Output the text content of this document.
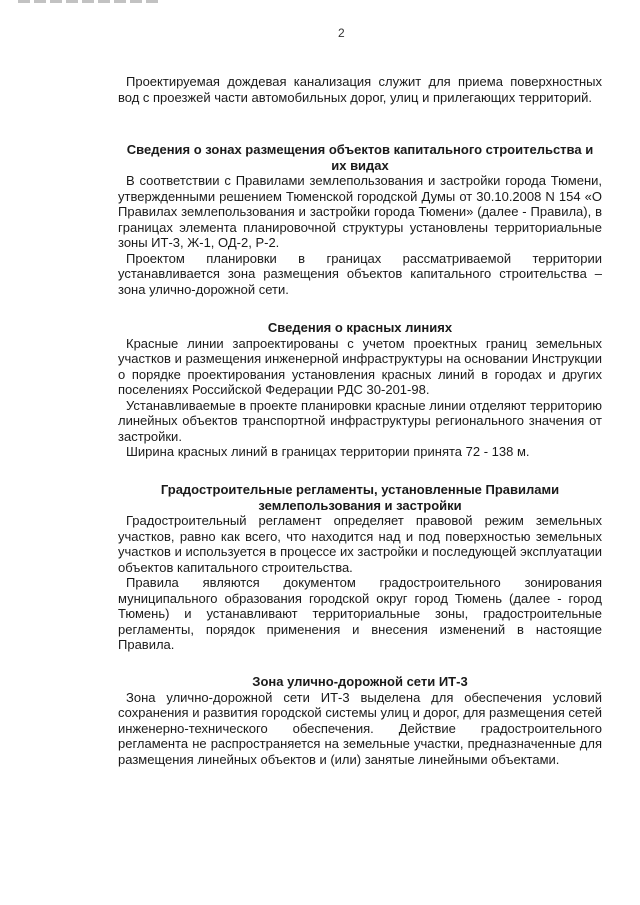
2

Проектируемая дождевая канализация служит для приема поверхностных вод с проезжей части автомобильных дорог, улиц и прилегающих территорий.

Сведения о зонах размещения объектов капитального строительства и их видах

В соответствии с Правилами землепользования и застройки города Тюмени, утвержденными решением Тюменской городской Думы от 30.10.2008 N 154 «О Правилах землепользования и застройки города Тюмени» (далее - Правила), в границах элемента планировочной структуры установлены территориальные зоны ИТ-3, Ж-1, ОД-2, Р-2.

Проектом планировки в границах рассматриваемой территории устанавливается зона размещения объектов капитального строительства – зона улично-дорожной сети.

Сведения о красных линиях

Красные линии запроектированы с учетом проектных границ земельных участков и размещения инженерной инфраструктуры на основании Инструкции о порядке проектирования установления красных линий в городах и других поселениях Российской Федерации РДС 30-201-98.

Устанавливаемые в проекте планировки красные линии отделяют территорию линейных объектов транспортной инфраструктуры регионального значения от застройки.

Ширина красных линий в границах территории принята 72 - 138 м.

Градостроительные регламенты, установленные Правилами землепользования и застройки

Градостроительный регламент определяет правовой режим земельных участков, равно как всего, что находится над и под поверхностью земельных участков и используется в процессе их застройки и последующей эксплуатации объектов капитального строительства.

Правила являются документом градостроительного зонирования муниципального образования городской округ город Тюмень (далее - город Тюмень) и устанавливают территориальные зоны, градостроительные регламенты, порядок применения и внесения изменений в настоящие Правила.

Зона улично-дорожной сети ИТ-3

Зона улично-дорожной сети ИТ-3 выделена для обеспечения условий сохранения и развития городской системы улиц и дорог, для размещения сетей инженерно-технического обеспечения. Действие градостроительного регламента не распространяется на земельные участки, предназначенные для размещения линейных объектов и (или) занятые линейными объектами.
